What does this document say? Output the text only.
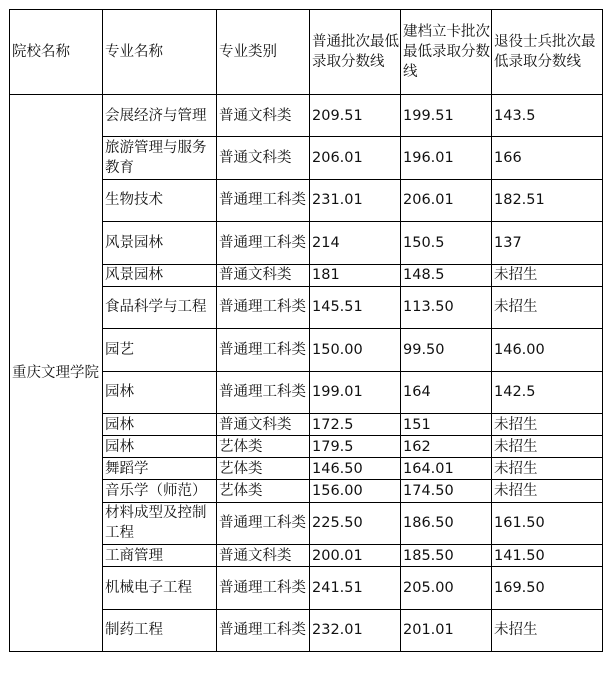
院校名称	专业名称	专业类别	普通批次最低录取分数线	建档立卡批次最低录取分数线	退役士兵批次最低录取分数线
重庆文理学院	会展经济与管理	普通文科类	209.51	199.51	143.5
	旅游管理与服务教育	普通文科类	206.01	196.01	166
	生物技术	普通理工科类	231.01	206.01	182.51
	风景园林	普通理工科类	214	150.5	137
	风景园林	普通文科类	181	148.5	未招生
	食品科学与工程	普通理工科类	145.51	113.50	未招生
	园艺	普通理工科类	150.00	99.50	146.00
	园林	普通理工科类	199.01	164	142.5
	园林	普通文科类	172.5	151	未招生
	园林	艺体类	179.5	162	未招生
	舞蹈学	艺体类	146.50	164.01	未招生
	音乐学（师范）	艺体类	156.00	174.50	未招生
	材料成型及控制工程	普通理工科类	225.50	186.50	161.50
	工商管理	普通文科类	200.01	185.50	141.50
	机械电子工程	普通理工科类	241.51	205.00	169.50
	制药工程	普通理工科类	232.01	201.01	未招生
